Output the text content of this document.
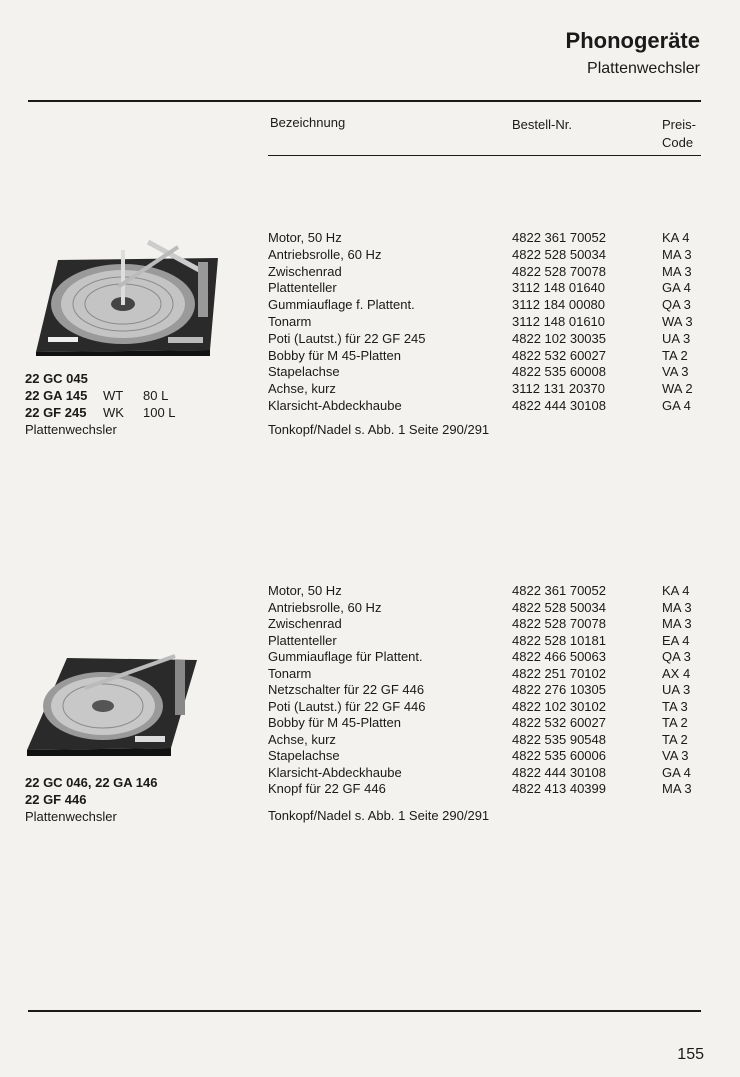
Phonogeräte
Plattenwechsler
Bezeichnung	Bestell-Nr.	Preis-
Code
Motor, 50 Hz	4822 361 70052	KA 4
Antriebsrolle, 60 Hz	4822 528 50034	MA 3
Zwischenrad	4822 528 70078	MA 3
Plattenteller	3112 148 01640	GA 4
Gummiauflage f. Plattent.	3112 184 00080	QA 3
Tonarm	3112 148 01610	WA 3
Poti (Lautst.) für 22 GF 245	4822 102 30035	UA 3
Bobby für M 45-Platten	4822 532 60027	TA 2
Stapelachse	4822 535 60008	VA 3
Achse, kurz	3112 131 20370	WA 2
Klarsicht-Abdeckhaube	4822 444 30108	GA 4
22 GC 045
22 GA 145 WT 80 L
22 GF 245 WK 100 L
Plattenwechsler	Tonkopf/Nadel s. Abb. 1 Seite 290/291
Motor, 50 Hz	4822 361 70052	KA 4
Antriebsrolle, 60 Hz	4822 528 50034	MA 3
Zwischenrad	4822 528 70078	MA 3
Plattenteller	4822 528 10181	EA 4
Gummiauflage für Plattent.	4822 466 50063	QA 3
Tonarm	4822 251 70102	AX 4
Netzschalter für 22 GF 446	4822 276 10305	UA 3
Poti (Lautst.) für 22 GF 446	4822 102 30102	TA 3
Bobby für M 45-Platten	4822 532 60027	TA 2
Achse, kurz	4822 535 90548	TA 2
Stapelachse	4822 535 60006	VA 3
Klarsicht-Abdeckhaube	4822 444 30108	GA 4
Knopf für 22 GF 446	4822 413 40399	MA 3
22 GC 046, 22 GA 146
22 GF 446
Plattenwechsler	Tonkopf/Nadel s. Abb. 1 Seite 290/291
155
